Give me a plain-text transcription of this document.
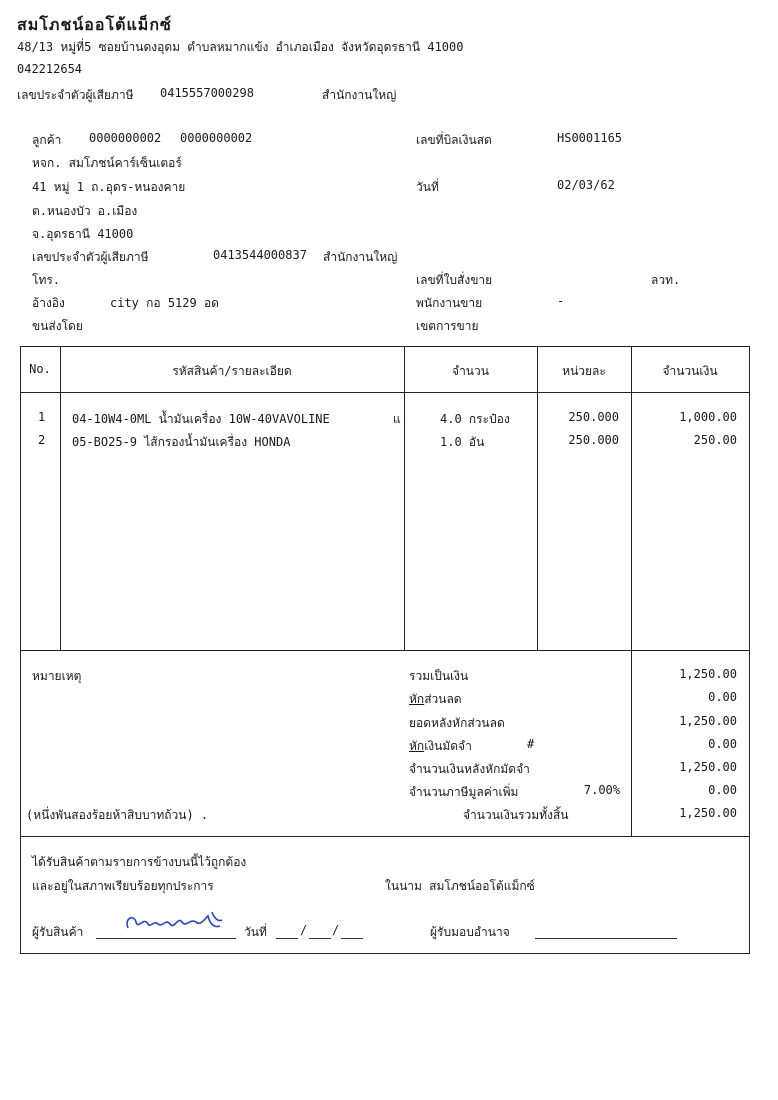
สมโภชน์ออโต้แม็กซ์
48/13 หมู่ที่5 ซอยบ้านดงอุดม ตำบลหมากแข้ง อำเภอเมือง จังหวัดอุดรธานี 41000
042212654
เลขประจำตัวผู้เสียภาษี 0415557000298	สำนักงานใหญ่
ลูกค้า 0000000002 0000000002
หจก. สมโภชน์คาร์เซ็นเตอร์
41 หมู่ 1 ถ.อุดร-หนองคาย
ต.หนองบัว อ.เมือง
จ.อุดรธานี 41000
เลขประจำตัวผู้เสียภาษี	0413544000837 สำนักงานใหญ่
โทร.
อ้างอิง	city กอ 5129 อด
ขนส่งโดย
เลขที่บิลเงินสด	HS0001165
วันที่	02/03/62
เลขที่ใบสั่งขาย	ลวท.
พนักงานขาย	-
เขตการขาย
No.	รหัสสินค้า/รายละเอียด	จำนวน	หน่วยละ	จำนวนเงิน
1 04-10W4-0ML น้ำมันเครื่อง 10W-40VAVOLINE	แ	4.0 กระป๋อง	250.000	1,000.00
2 05-BO25-9 ไส้กรองน้ำมันเครื่อง HONDA	1.0 อัน	250.000	250.00
หมายเหตุ
(หนึ่งพันสองร้อยห้าสิบบาทถ้วน) .
รวมเป็นเงิน	1,250.00
หักส่วนลด	0.00
ยอดหลังหักส่วนลด	1,250.00
หักเงินมัดจำ	#	0.00
จำนวนเงินหลังหักมัดจำ	1,250.00
จำนวนภาษีมูลค่าเพิ่ม	7.00%	0.00
จำนวนเงินรวมทั้งสิ้น	1,250.00
ได้รับสินค้าตามรายการข้างบนนี้ไว้ถูกต้อง
และอยู่ในสภาพเรียบร้อยทุกประการ	ในนาม สมโภชน์ออโต้แม็กซ์
ผู้รับสินค้า	วันที่	/ /	ผู้รับมอบอำนาจ
